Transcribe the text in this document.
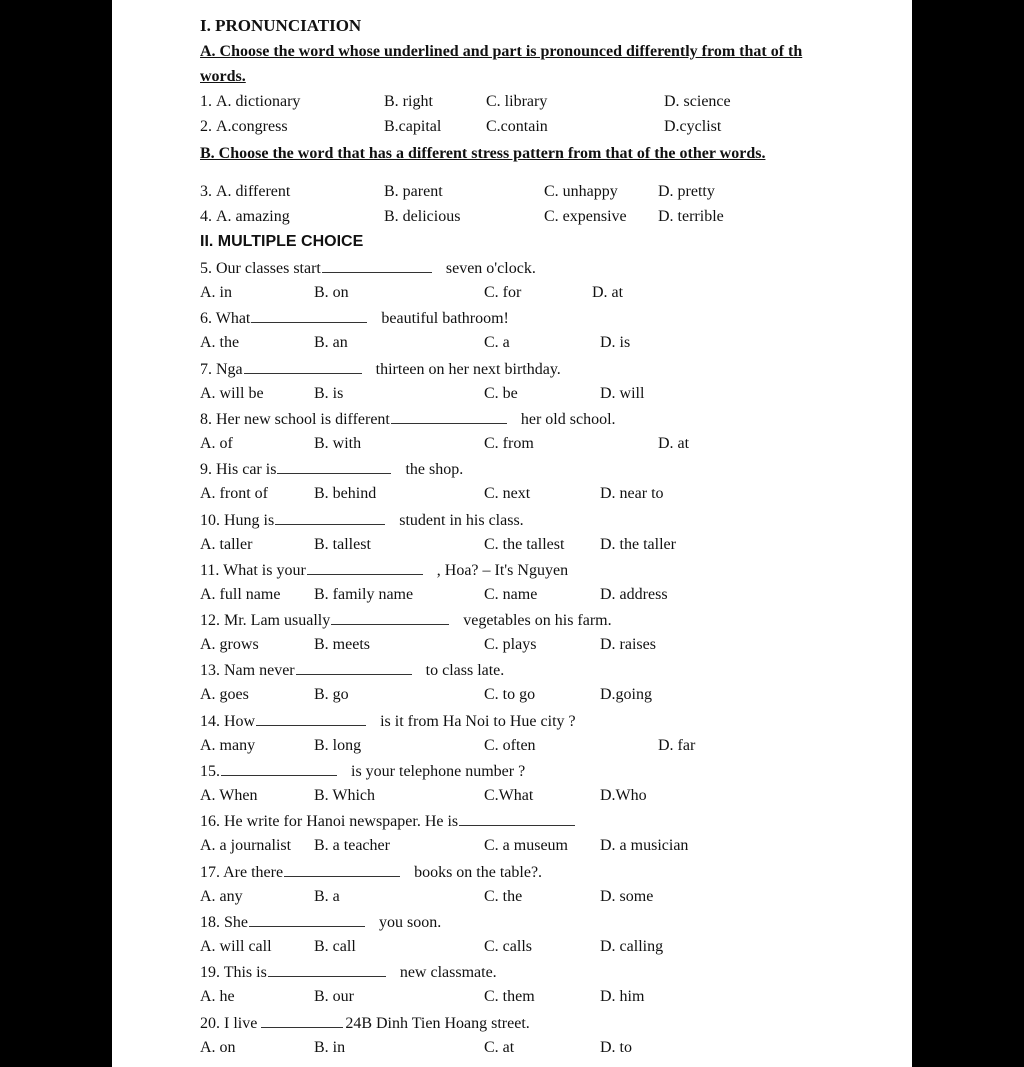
I. PRONUNCIATION
A. Choose the word whose underlined and part is pronounced differently from that of th
words.
1. A. dictionary	B. right	C. library	D. science
2. A.congress	B.capital	C.contain	D.cyclist
B. Choose the word that has a different stress pattern from that of the other words.
3. A. different	B. parent	C. unhappy	D. pretty
4. A. amazing	B. delicious	C. expensive D. terrible
II. MULTIPLE CHOICE
5. Our classes start	seven o'clock.
A. in	B. on	C. for	D. at
6. What	beautiful bathroom!
A. the	B. an	C. a	D. is
7. Nga	thirteen on her next birthday.
A. will be	B. is	C. be	D. will
8. Her new school is different	her old school.
A. of	B. with	C. from	D. at
9. His car is	the shop.
A. front of	B. behind	C. next	D. near to
10. Hung is	student in his class.
A. taller	B. tallest	C. the tallest D. the taller
11. What is your	, Hoa? – It's Nguyen
A. full name B. family name	C. name	D. address
12. Mr. Lam usually	vegetables on his farm.
A. grows	B. meets	C. plays	D. raises
13. Nam never	to class late.
A. goes	B. go	C. to go	D.going
14. How	is it from Ha Noi to Hue city ?
A. many	B. long	C. often	D. far
15.	is your telephone number ?
A. When	B. Which	C.What	D.Who
16. He write for Hanoi newspaper. He is
A. a journalist B. a teacher	C. a museum D. a musician
17. Are there	books on the table?.
A. any	B. a	C. the	D. some
18. She	you soon.
A. will call	B. call	C. calls	D. calling
19. This is	new classmate.
A. he	B. our	C. them	D. him
20. I live	24B Dinh Tien Hoang street.
A. on	B. in	C. at	D. to
